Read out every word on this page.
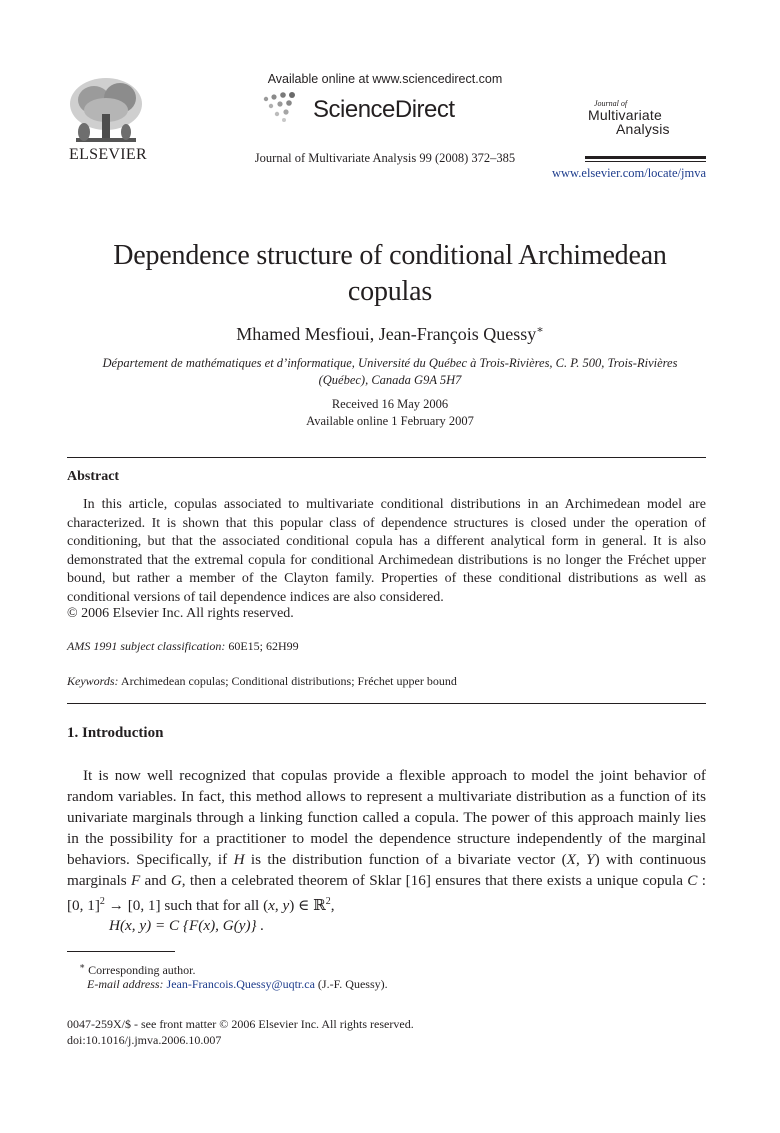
ELSEVIER
Available online at www.sciencedirect.com
ScienceDirect
Journal of Multivariate Analysis 99 (2008) 372–385
Journal of
Multivariate
Analysis
www.elsevier.com/locate/jmva
Dependence structure of conditional Archimedean
copulas
Mhamed Mesfioui, Jean-François Quessy∗
Département de mathématiques et d’informatique, Université du Québec à Trois-Rivières, C. P. 500, Trois-Rivières
(Québec), Canada G9A 5H7
Received 16 May 2006
Available online 1 February 2007
Abstract

In this article, copulas associated to multivariate conditional distributions in an Archimedean model are characterized. It is shown that this popular class of dependence structures is closed under the operation of conditioning, but that the associated conditional copula has a different analytical form in general. It is also demonstrated that the extremal copula for conditional Archimedean distributions is no longer the Fréchet upper bound, but rather a member of the Clayton family. Properties of these conditional distributions as well as conditional versions of tail dependence indices are also considered.

© 2006 Elsevier Inc. All rights reserved.
AMS 1991 subject classification: 60E15; 62H99
Keywords: Archimedean copulas; Conditional distributions; Fréchet upper bound
1. Introduction

It is now well recognized that copulas provide a flexible approach to model the joint behavior of random variables. In fact, this method allows to represent a multivariate distribution as a function of its univariate marginals through a linking function called a copula. The power of this approach mainly lies in the possibility for a practitioner to model the dependence structure independently of the marginal behaviors. Specifically, if H is the distribution function of a bivariate vector (X, Y) with continuous marginals F and G, then a celebrated theorem of Sklar [16] ensures that there exists a unique copula C : [0, 1]$^2$ → [0, 1] such that for all (x, y) ∈ ℝ$^2$,

H(x, y) = C {F(x), G(y)} .
∗ Corresponding author.
E-mail address: Jean-Francois.Quessy@uqtr.ca (J.-F. Quessy).
0047-259X/$ - see front matter © 2006 Elsevier Inc. All rights reserved.
doi:10.1016/j.jmva.2006.10.007
